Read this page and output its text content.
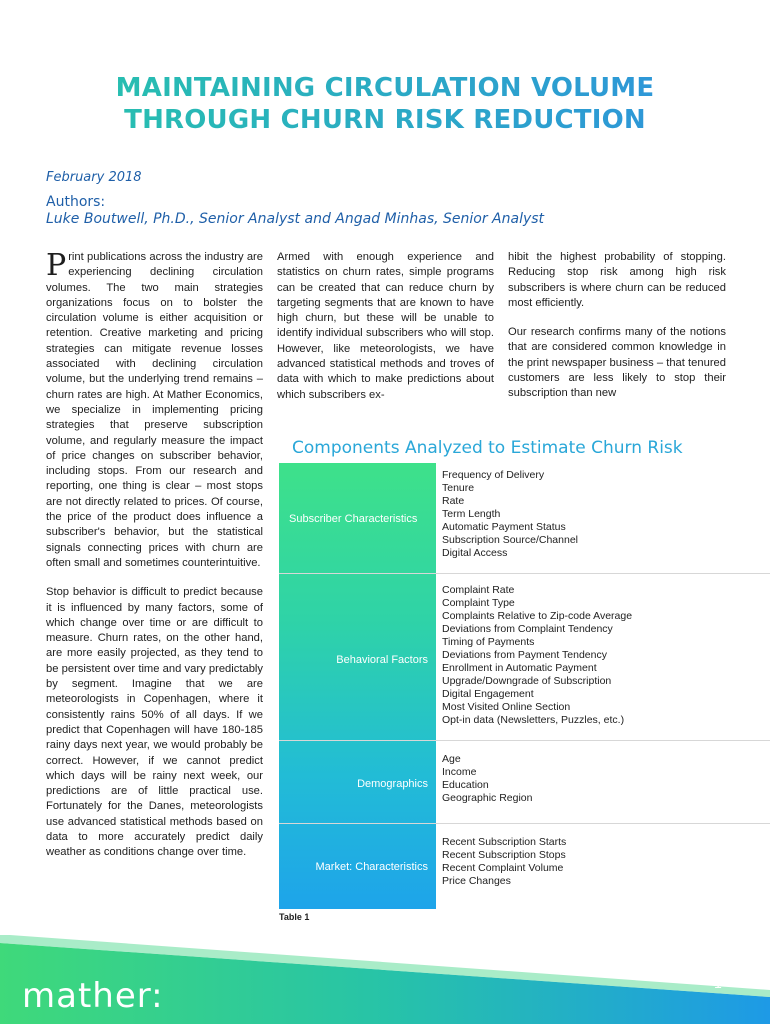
MAINTAINING CIRCULATION VOLUME
THROUGH CHURN RISK REDUCTION
February 2018
Authors:
Luke Boutwell, Ph.D., Senior Analyst and Angad Minhas, Senior Analyst

Print publications across the industry are experiencing declining circulation volumes. The two main strategies organizations focus on to bolster the circulation volume is either acquisition or retention. Creative marketing and pricing strategies can mitigate revenue losses associated with declining circulation volume, but the underlying trend remains – churn rates are high. At Mather Economics, we specialize in implementing pricing strategies that preserve subscription volume, and regularly measure the impact of price changes on subscriber behavior, including stops. From our research and reporting, one thing is clear – most stops are not directly related to prices. Of course, the price of the product does influence a subscriber's behavior, but the statistical signals connecting prices with churn are often small and sometimes counterintuitive.

Stop behavior is difficult to predict because it is influenced by many factors, some of which change over time or are difficult to measure. Churn rates, on the other hand, are more easily projected, as they tend to be persistent over time and vary predictably by segment. Imagine that we are meteorologists in Copenhagen, where it consistently rains 50% of all days. If we predict that Copenhagen will have 180-185 rainy days next year, we would probably be correct. However, if we cannot predict which days will be rainy next week, our predictions are of little practical use. Fortunately for the Danes, meteorologists use advanced statistical methods based on data to more accurately predict daily weather as conditions change over time.

Armed with enough experience and statistics on churn rates, simple programs can be created that can reduce churn by targeting segments that are known to have high churn, but these will be unable to identify individual subscribers who will stop. However, like meteorologists, we have advanced statistical methods and troves of data with which to make predictions about which subscribers ex-

hibit the highest probability of stopping. Reducing stop risk among high risk subscribers is where churn can be reduced most efficiently.

Our research confirms many of the notions that are considered common knowledge in the print newspaper business – that tenured customers are less likely to stop their subscription than new

Components Analyzed to Estimate Churn Risk
Subscriber Characteristics
Behavioral Factors
Demographics
Market: Characteristics
Frequency of Delivery
Tenure
Rate
Term Length
Automatic Payment Status
Subscription Source/Channel
Digital Access
Complaint Rate
Complaint Type
Complaints Relative to Zip-code Average
Deviations from Complaint Tendency
Timing of Payments
Deviations from Payment Tendency
Enrollment in Automatic Payment
Upgrade/Downgrade of Subscription
Digital Engagement
Most Visited Online Section
Opt-in data (Newsletters, Puzzles, etc.)
Age
Income
Education
Geographic Region
Recent Subscription Starts
Recent Subscription Stops
Recent Complaint Volume
Price Changes
Table 1
mather:	1
